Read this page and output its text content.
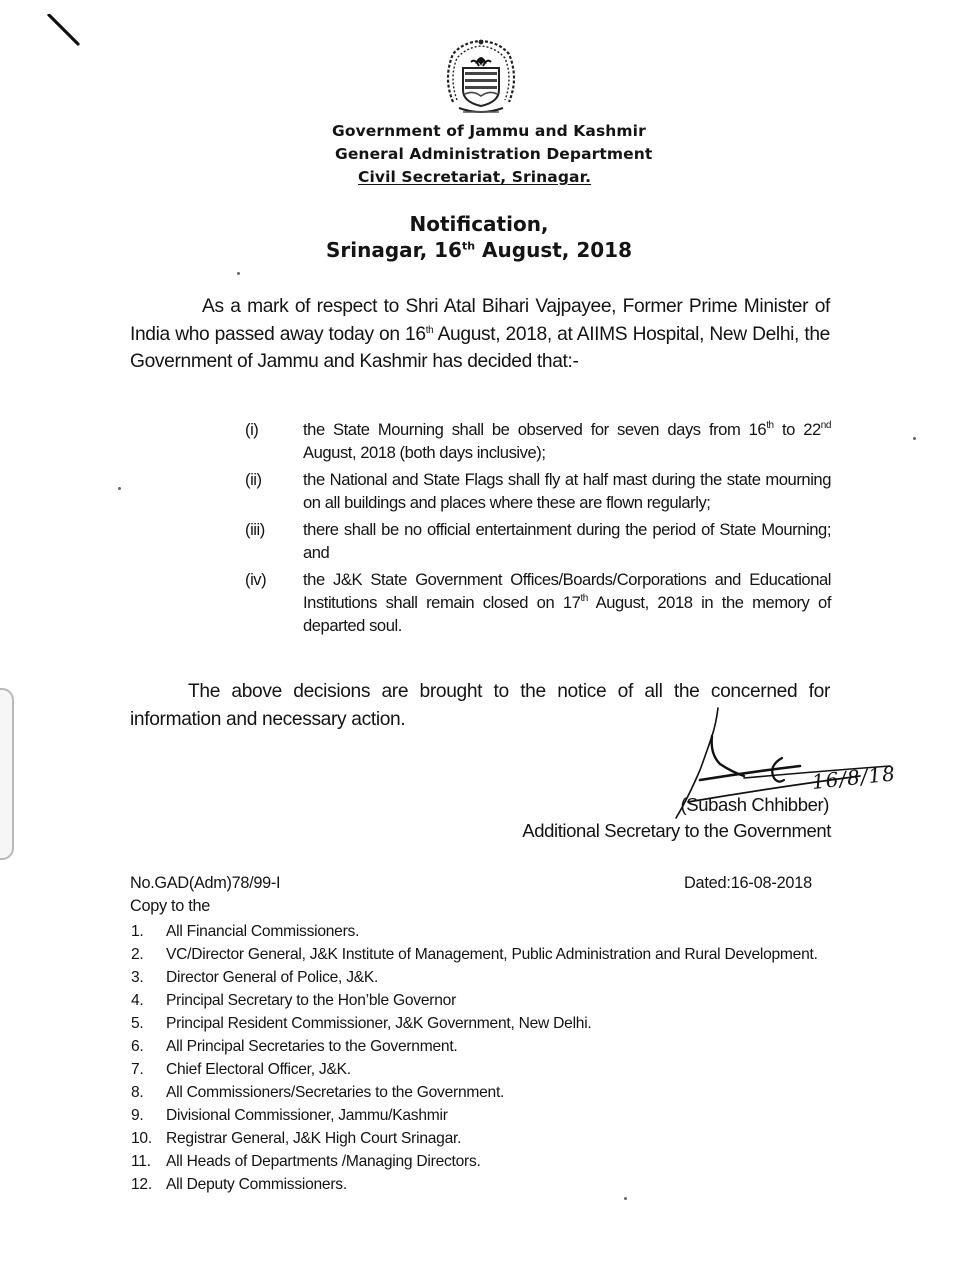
Government of Jammu and Kashmir
General Administration Department
Civil Secretariat, Srinagar.
Notification,
Srinagar, 16th August, 2018
As a mark of respect to Shri Atal Bihari Vajpayee, Former Prime Minister of India who passed away today on 16th August, 2018, at AIIMS Hospital, New Delhi, the Government of Jammu and Kashmir has decided that:-
(i)	the State Mourning shall be observed for seven days from 16th to 22nd August, 2018 (both days inclusive);
(ii)	the National and State Flags shall fly at half mast during the state mourning on all buildings and places where these are flown regularly;
(iii)	there shall be no official entertainment during the period of State Mourning; and
(iv)	the J&K State Government Offices/Boards/Corporations and Educational Institutions shall remain closed on 17th August, 2018 in the memory of departed soul.
The above decisions are brought to the notice of all the concerned for information and necessary action.
16/8/18
(Subash Chhibber)
Additional Secretary to the Government
No.GAD(Adm)78/99-I	Dated:16-08-2018
Copy to the
1.	All Financial Commissioners.
2.	VC/Director General, J&K Institute of Management, Public Administration and Rural Development.
3.	Director General of Police, J&K.
4.	Principal Secretary to the Hon’ble Governor
5.	Principal Resident Commissioner, J&K Government, New Delhi.
6.	All Principal Secretaries to the Government.
7.	Chief Electoral Officer, J&K.
8.	All Commissioners/Secretaries to the Government.
9.	Divisional Commissioner, Jammu/Kashmir
10. Registrar General, J&K High Court Srinagar.
11. All Heads of Departments /Managing Directors.
12. All Deputy Commissioners.
